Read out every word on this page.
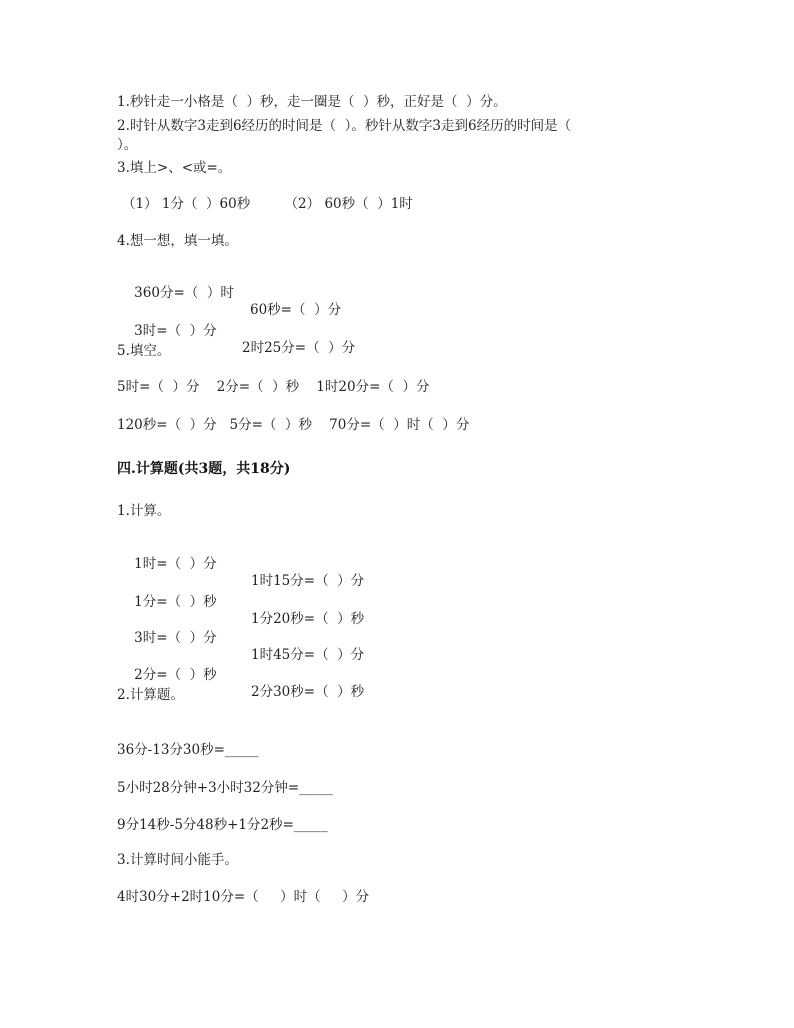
1.秒针走一小格是（  ）秒，走一圈是（  ）秒，正好是（  ）分。
2.时针从数字3走到6经历的时间是（  ）。秒针从数字3走到6经历的时间是（
）。
3.填上>、<或=。
（1） 1分（  ）60秒        （2） 60秒（  ）1时
4.想一想，填一填。

360分=（  ）时

60秒=（  ）分

3时=（  ）分

2时25分=（  ）分

5.填空。
5时=（  ）分    2分=（  ）秒    1时20分=（  ）分
120秒=（  ）分   5分=（  ）秒    70分=（  ）时（  ）分
四.计算题(共3题，共18分)
1.计算。

1时=（  ）分

1时15分=（  ）分

1分=（  ）秒

1分20秒=（  ）秒

3时=（  ）分

1时45分=（  ）分

2分=（  ）秒

2分30秒=（  ）秒

2.计算题。
36分-13分30秒=_____
5小时28分钟+3小时32分钟=_____
9分14秒-5分48秒+1分2秒=_____
3.计算时间小能手。
4时30分+2时10分=（     ）时（     ）分
